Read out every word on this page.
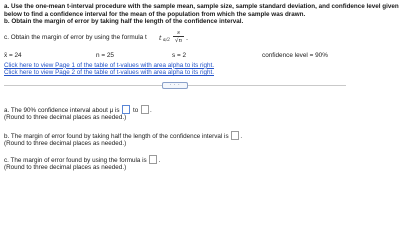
a. Use the one-mean t-interval procedure with the sample mean, sample size, sample standard deviation, and confidence level given
below to find a confidence interval for the mean of the population from which the sample was drawn.
b. Obtain the margin of error by taking half the length of the confidence interval.
c. Obtain the margin of error by using the formula t t α/2
s
√n .
x̄ = 24	n = 25	s = 2	confidence level = 90%
Click here to view Page 1 of the table of t-values with area alpha to its right.
Click here to view Page 2 of the table of t-values with area alpha to its right.
· · ·
a. The 90% confidence interval about μ is to .
(Round to three decimal places as needed.)
b. The margin of error found by taking half the length of the confidence interval is .
(Round to three decimal places as needed.)
c. The margin of error found by using the formula is .
(Round to three decimal places as needed.)
